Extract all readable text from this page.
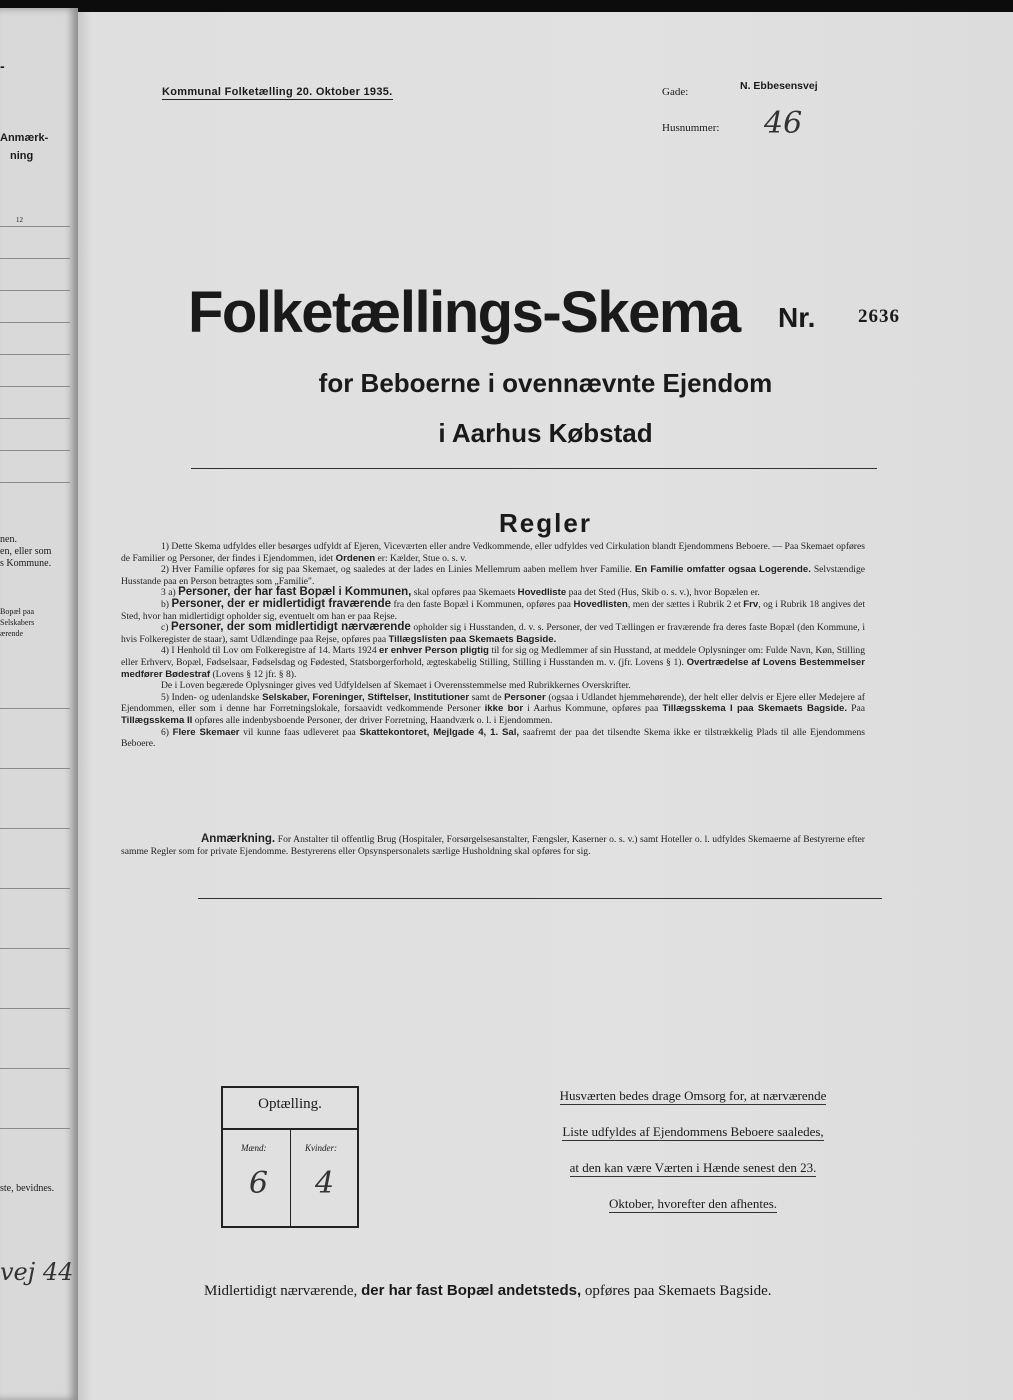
-
Anmærk-
ning
12
nen.
en, eller som
s Kommune.
Bopæl paa
Selskabers
ærende
ste, bevidnes.
vej 44
Kommunal Folketælling 20. Oktober 1935.	Gade:	N. Ebbesensvej
Husnummer: 46
Folketællings-Skema Nr. 2636
for Beboerne i ovennævnte Ejendom
i Aarhus Købstad
Regler

1) Dette Skema udfyldes eller besørges udfyldt af Ejeren, Viceværten eller andre Vedkommende, eller udfyldes ved Cirkulation blandt Ejendommens Beboere. — Paa Skemaet opføres de Familier og Personer, der findes i Ejendommen, idet Ordenen er: Kælder, Stue o. s. v.

2) Hver Familie opføres for sig paa Skemaet, og saaledes at der lades en Linies Mellemrum aaben mellem hver Familie. En Familie omfatter ogsaa Logerende. Selvstændige Husstande paa en Person betragtes som „Familie".

3 a) Personer, der har fast Bopæl i Kommunen, skal opføres paa Skemaets Hovedliste paa det Sted (Hus, Skib o. s. v.), hvor Bopælen er.

b) Personer, der er midlertidigt fraværende fra den faste Bopæl i Kommunen, opføres paa Hovedlisten, men der sættes i Rubrik 2 et Frv, og i Rubrik 18 angives det Sted, hvor han midlertidigt opholder sig, eventuelt om han er paa Rejse.

c) Personer, der som midlertidigt nærværende opholder sig i Husstanden, d. v. s. Personer, der ved Tællingen er fraværende fra deres faste Bopæl (den Kommune, i hvis Folkeregister de staar), samt Udlændinge paa Rejse, opføres paa Tillægslisten paa Skemaets Bagside.

4) I Henhold til Lov om Folkeregistre af 14. Marts 1924 er enhver Person pligtig til for sig og Medlemmer af sin Husstand, at meddele Oplysninger om: Fulde Navn, Køn, Stilling eller Erhverv, Bopæl, Fødselsaar, Fødselsdag og Fødested, Statsborgerforhold, ægteskabelig Stilling, Stilling i Husstanden m. v. (jfr. Lovens § 1). Overtrædelse af Lovens Bestemmelser medfører Bødestraf (Lovens § 12 jfr. § 8).

De i Loven begærede Oplysninger gives ved Udfyldelsen af Skemaet i Overensstemmelse med Rubrikkernes Overskrifter.

5) Inden- og udenlandske Selskaber, Foreninger, Stiftelser, Institutioner samt de Personer (ogsaa i Udlandet hjemmehørende), der helt eller delvis er Ejere eller Medejere af Ejendommen, eller som i denne har Forretningslokale, forsaavidt vedkommende Personer ikke bor i Aarhus Kommune, opføres paa Tillægsskema I paa Skemaets Bagside. Paa Tillægsskema II opføres alle indenbysboende Personer, der driver Forretning, Haandværk o. l. i Ejendommen.

6) Flere Skemaer vil kunne faas udleveret paa Skattekontoret, Mejlgade 4, 1. Sal, saafremt der paa det tilsendte Skema ikke er tilstrækkelig Plads til alle Ejendommens Beboere.

Anmærkning. For Anstalter til offentlig Brug (Hospitaler, Forsørgelsesanstalter, Fængsler, Kaserner o. s. v.) samt Hoteller o. l. udfyldes Skemaerne af Bestyrerne efter samme Regler som for private Ejendomme. Bestyrerens eller Opsynspersonalets særlige Husholdning skal opføres for sig.

Optælling.
Mænd:	Kvinder:
6 4
Husværten bedes drage Omsorg for, at nærværende
Liste udfyldes af Ejendommens Beboere saaledes,
at den kan være Værten i Hænde senest den 23.
Oktober, hvorefter den afhentes.
Midlertidigt nærværende, der har fast Bopæl andetsteds, opføres paa Skemaets Bagside.
